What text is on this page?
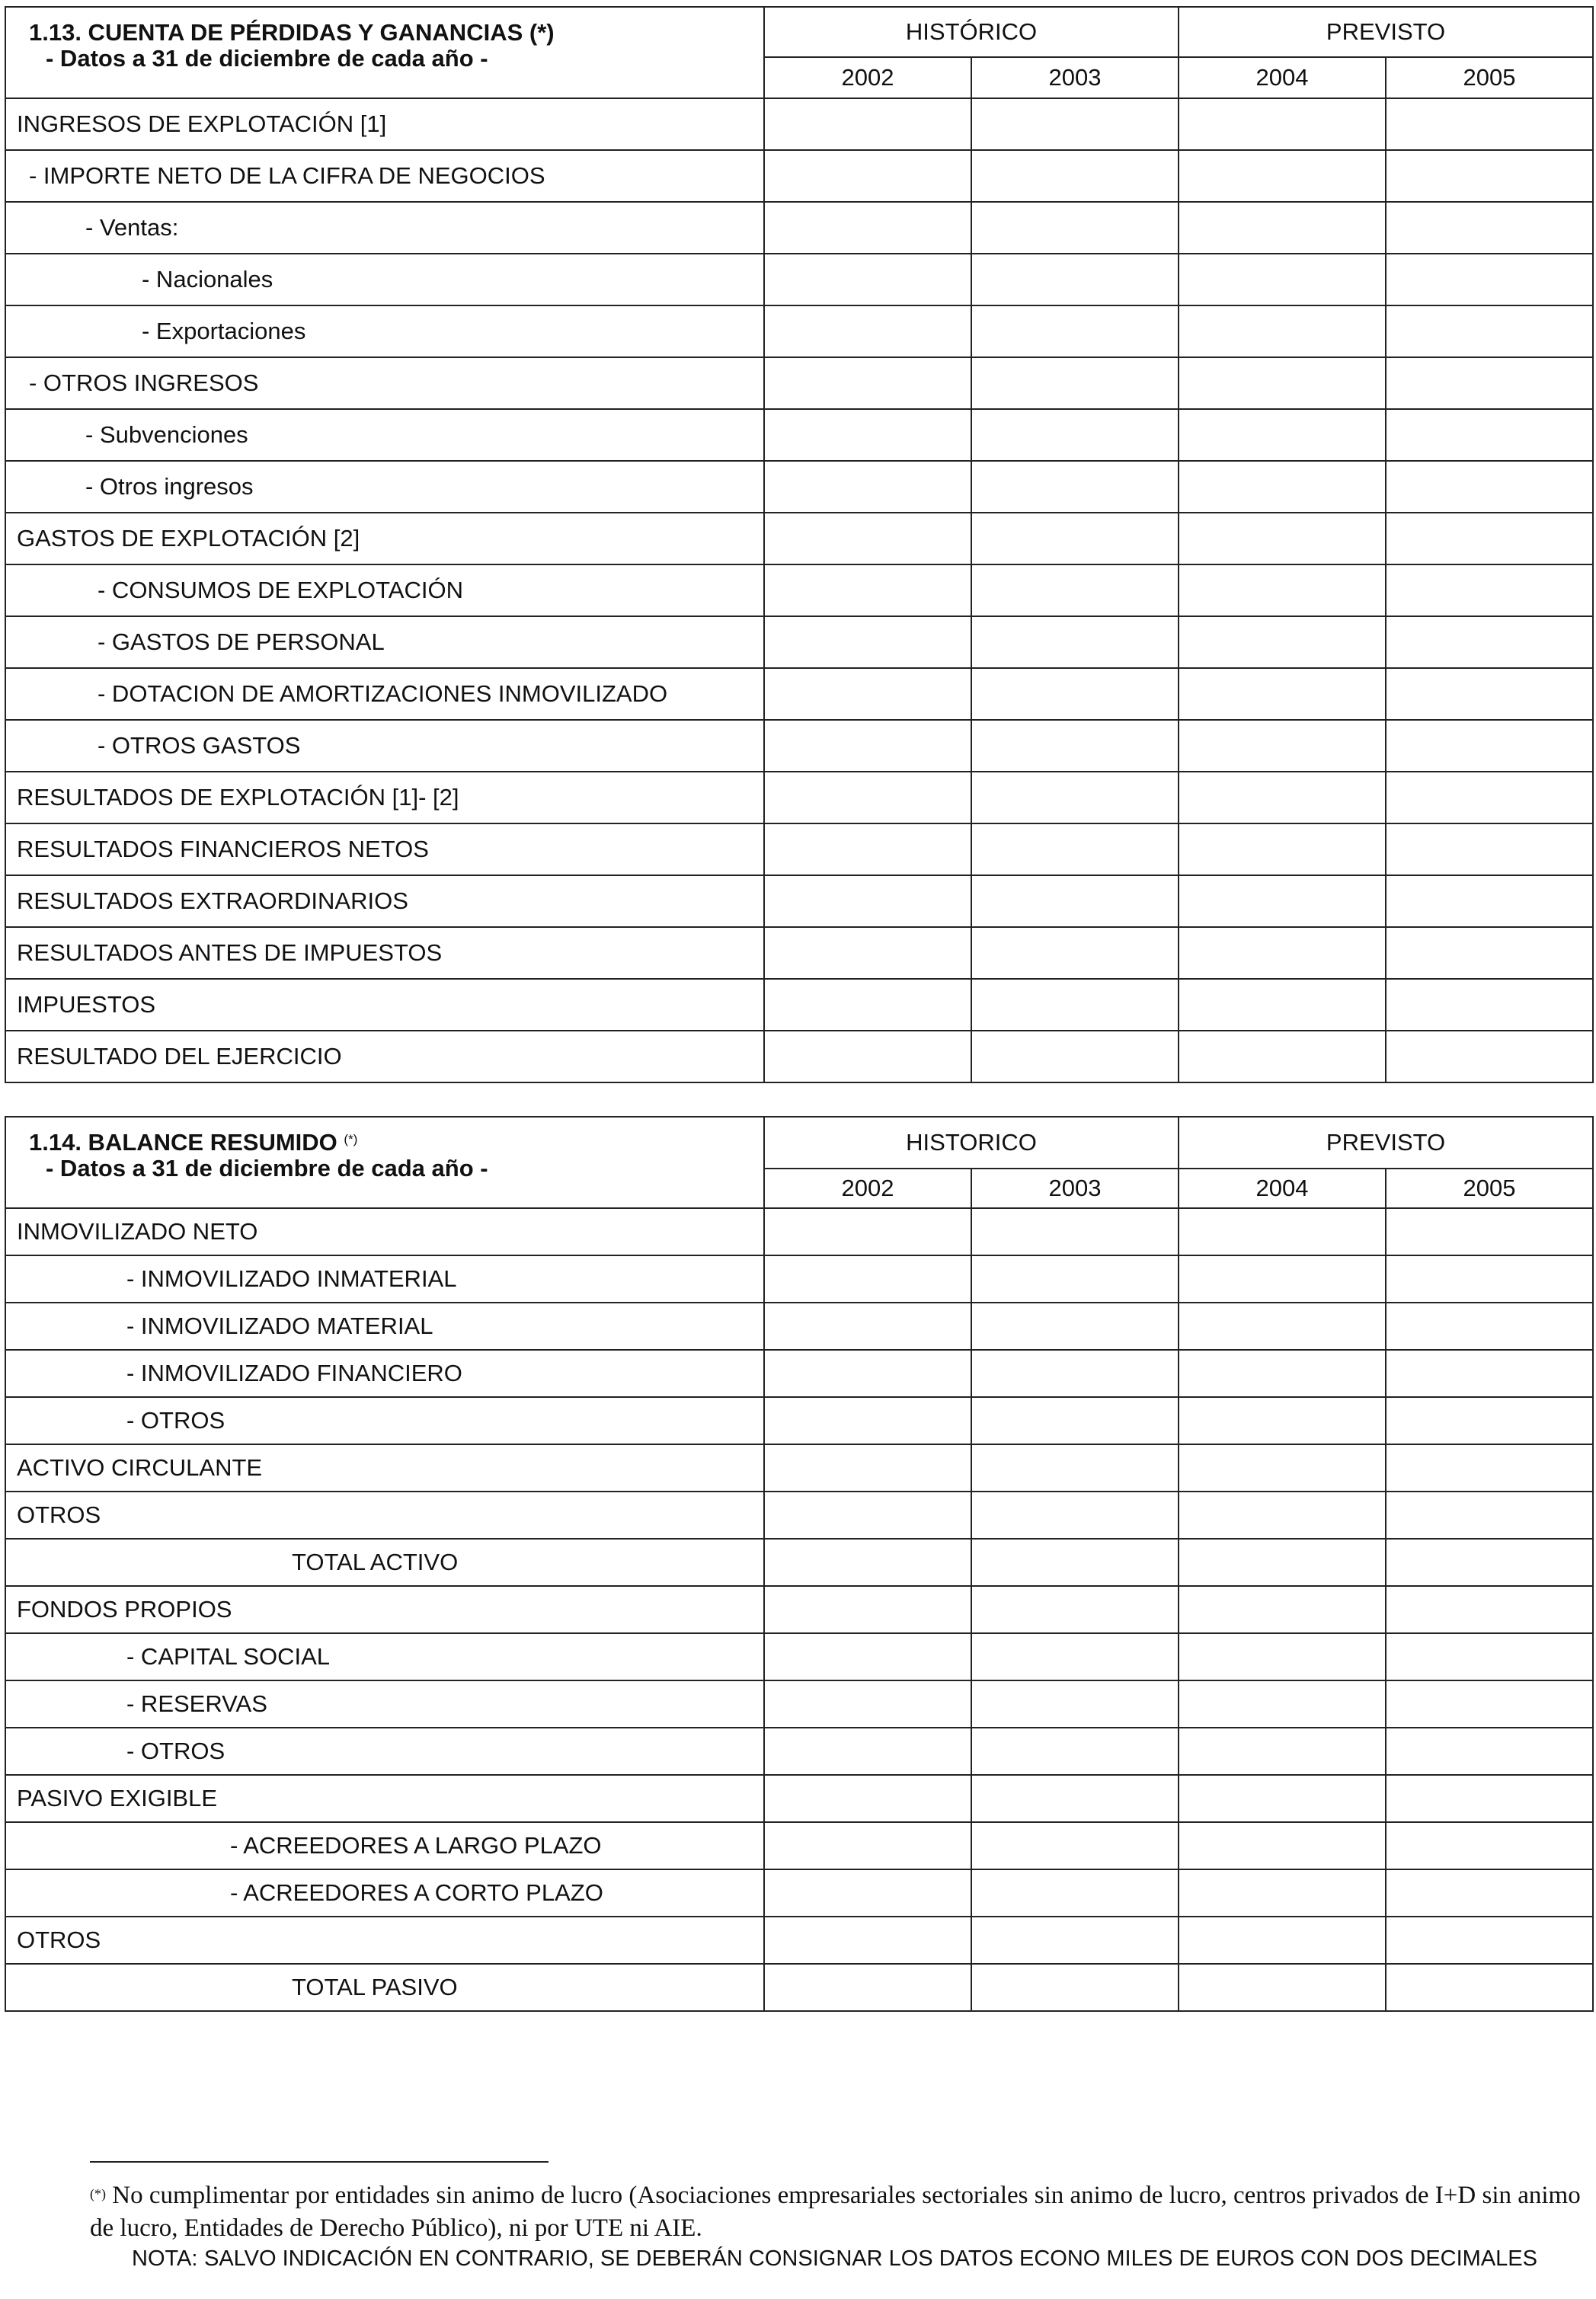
1.13. CUENTA DE PÉRDIDAS Y GANANCIAS (*)
- Datos a 31 de diciembre de cada año -	HISTÓRICO		PREVISTO	
	2002	2003	2004	2005
INGRESOS DE EXPLOTACIÓN [1]				
- IMPORTE NETO DE LA CIFRA DE NEGOCIOS				
- Ventas:				
- Nacionales				
- Exportaciones				
- OTROS INGRESOS				
- Subvenciones				
- Otros ingresos				
GASTOS DE EXPLOTACIÓN [2]				
- CONSUMOS DE EXPLOTACIÓN				
- GASTOS DE PERSONAL				
- DOTACION DE AMORTIZACIONES INMOVILIZADO				
- OTROS GASTOS				
RESULTADOS DE EXPLOTACIÓN [1]- [2]				
RESULTADOS FINANCIEROS NETOS				
RESULTADOS EXTRAORDINARIOS				
RESULTADOS ANTES DE IMPUESTOS				
IMPUESTOS				
RESULTADO DEL EJERCICIO				
1.14. BALANCE RESUMIDO (*)
- Datos a 31 de diciembre de cada año -	HISTORICO		PREVISTO	
	2002	2003	2004	2005
INMOVILIZADO NETO				
- INMOVILIZADO INMATERIAL				
- INMOVILIZADO MATERIAL				
- INMOVILIZADO FINANCIERO				
- OTROS				
ACTIVO CIRCULANTE				
OTROS				
TOTAL ACTIVO				
FONDOS PROPIOS				
- CAPITAL SOCIAL				
- RESERVAS				
- OTROS				
PASIVO EXIGIBLE				
- ACREEDORES A LARGO PLAZO				
- ACREEDORES A CORTO PLAZO				
OTROS				
TOTAL PASIVO				
(*) No cumplimentar por entidades sin animo de lucro (Asociaciones empresariales sectoriales sin animo de lucro, centros privados de I+D sin animo de lucro, Entidades de Derecho Público), ni por UTE ni AIE.
NOTA: SALVO INDICACIÓN EN CONTRARIO, SE DEBERÁN CONSIGNAR LOS DATOS ECONO MILES DE EUROS CON DOS DECIMALES
